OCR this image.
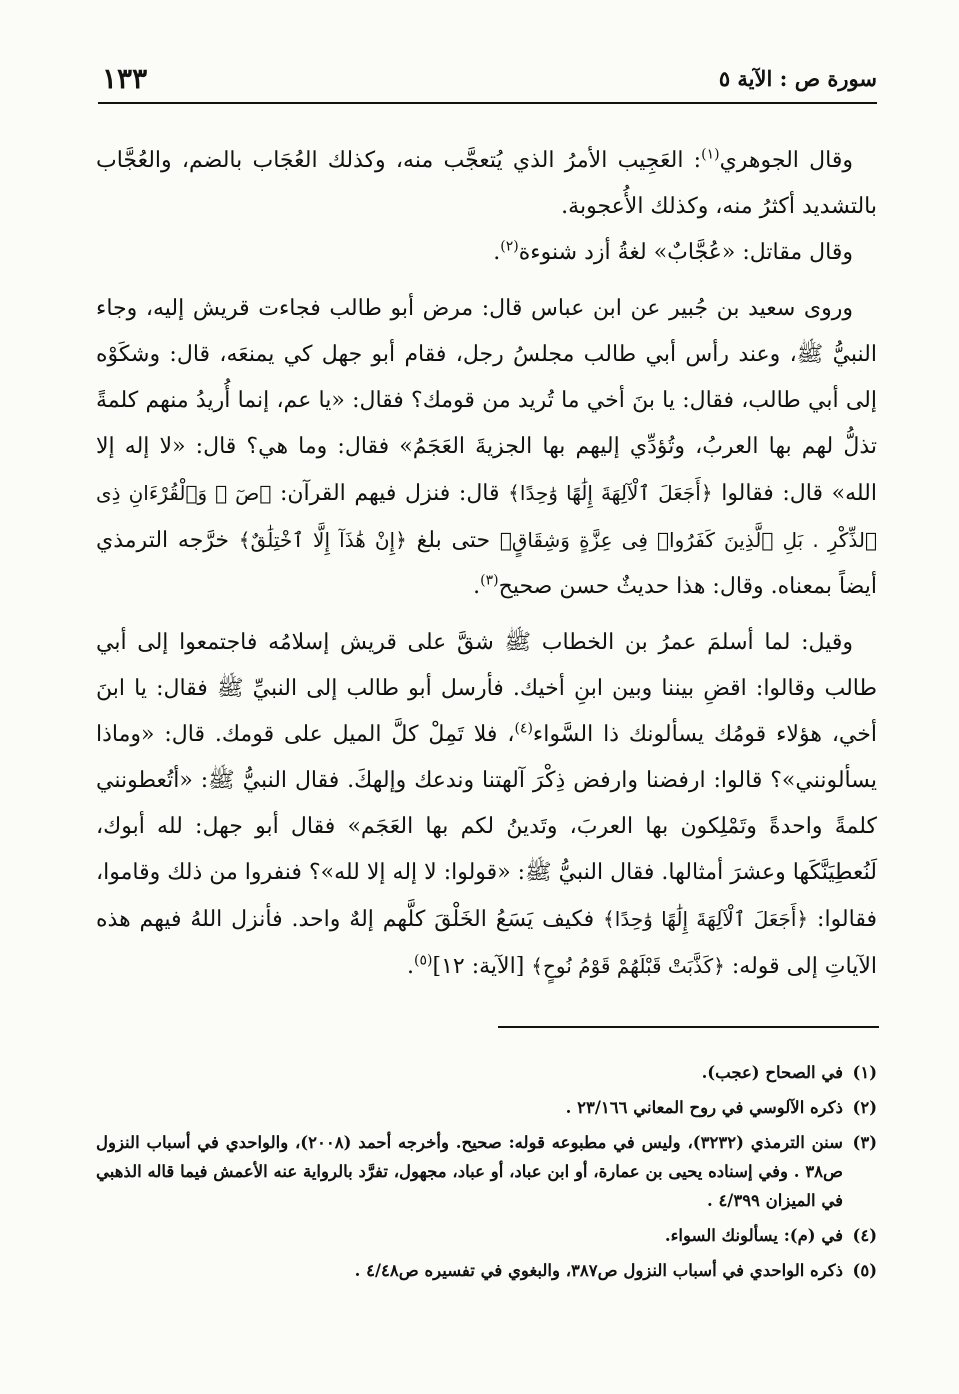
سورة ص : الآية ٥
١٣٣

وقال الجوهري$^{(١)}$: العَجِيب الأمرُ الذي يُتعجَّب منه، وكذلك العُجَاب بالضم، والعُجَّاب بالتشديد أكثرُ منه، وكذلك الأُعجوبة.

وقال مقاتل: «عُجَّابٌ» لغةُ أزد شنوءة$^{(٢)}$.

وروى سعيد بن جُبير عن ابن عباس قال: مرض أبو طالب فجاءت قريش إليه، وجاء النبيُّ ﷺ، وعند رأس أبي طالب مجلسُ رجل، فقام أبو جهل كي يمنعَه، قال: وشكَوْه إلى أبي طالب، فقال: يا بنَ أخي ما تُريد من قومك؟ فقال: «يا عم، إنما أُريدُ منهم كلمةً تذلُّ لهم بها العربُ، وتُؤدِّي إليهم بها الجزيةَ العَجَمُ» فقال: وما هي؟ قال: «لا إله إلا الله» قال: فقالوا ﴿أَجَعَلَ ٱلْآلِهَةَ إِلَٰهًا وَٰحِدًا﴾ قال: فنزل فيهم القرآن: ﴿صٓ ۚ وَٱلْقُرْءَانِ ذِى ٱلذِّكْرِ . بَلِ ٱلَّذِينَ كَفَرُوا۟ فِى عِزَّةٍ وَشِقَاقٍ﴾ حتى بلغ ﴿إِنْ هَٰذَآ إِلَّا ٱخْتِلَٰقٌ﴾ خرَّجه الترمذي أيضاً بمعناه. وقال: هذا حديثٌ حسن صحيح$^{(٣)}$.

وقيل: لما أسلمَ عمرُ بن الخطاب ﷺ شقَّ على قريش إسلامُه فاجتمعوا إلى أبي طالب وقالوا: اقضِ بيننا وبين ابنِ أخيك. فأرسل أبو طالب إلى النبيِّ ﷺ فقال: يا ابنَ أخي، هؤلاء قومُك يسألونك ذا السَّواء$^{(٤)}$، فلا تَمِلْ كلَّ الميل على قومك. قال: «وماذا يسألونني»؟ قالوا: ارفضنا وارفض ذِكْرَ آلهتنا وندعك وإلهكَ. فقال النبيُّ ﷺ: «أتُعطونني كلمةً واحدةً وتَمْلِكون بها العربَ، وتَدينُ لكم بها العَجَم» فقال أبو جهل: لله أبوك، لَنُعطِيَنَّكَها وعشرَ أمثالها. فقال النبيُّ ﷺ: «قولوا: لا إله إلا لله»؟ فنفروا من ذلك وقاموا، فقالوا: ﴿أَجَعَلَ ٱلْآلِهَةَ إِلَٰهًا وَٰحِدًا﴾ فكيف يَسَعُ الخَلْقَ كلَّهم إلهٌ واحد. فأنزل اللهُ فيهم هذه الآياتِ إلى قوله: ﴿كَذَّبَتْ قَبْلَهُمْ قَوْمُ نُوحٍ﴾ [الآية: ١٢]$^{(٥)}$.

(١)
في الصحاح (عجب).
(٢)
ذكره الآلوسي في روح المعاني ٢٣/١٦٦ .
(٣)
سنن الترمذي (٣٢٣٢)، وليس في مطبوعه قوله: صحيح. وأخرجه أحمد (٢٠٠٨)، والواحدي في أسباب النزول ص٣٨ . وفي إسناده يحيى بن عمارة، أو ابن عباد، أو عباد، مجهول، تفرَّد بالرواية عنه الأعمش فيما قاله الذهبي في الميزان ٤/٣٩٩ .
(٤)
في (م): يسألونك السواء.
(٥)
ذكره الواحدي في أسباب النزول ص٣٨٧، والبغوي في تفسيره ص٤/٤٨ .
